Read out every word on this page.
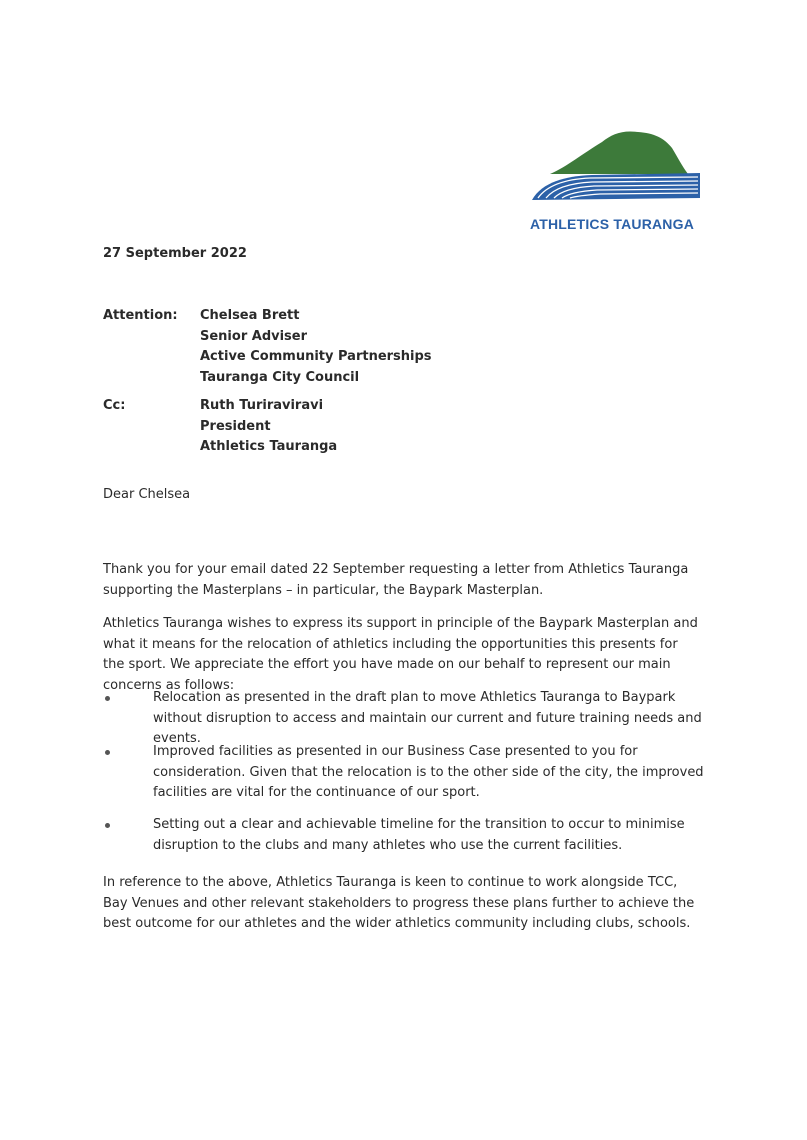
ATHLETICS TAURANGA
27 September 2022
Attention: Chelsea Brett
Senior Adviser
Active Community Partnerships
Tauranga City Council
Cc:	Ruth Turiraviravi
President
Athletics Tauranga
Dear Chelsea
Thank you for your email dated 22 September requesting a letter from Athletics Tauranga supporting the Masterplans – in particular, the Baypark Masterplan.
Athletics Tauranga wishes to express its support in principle of the Baypark Masterplan and what it means for the relocation of athletics including the opportunities this presents for the sport. We appreciate the effort you have made on our behalf to represent our main concerns as follows:
Relocation as presented in the draft plan to move Athletics Tauranga to Baypark without disruption to access and maintain our current and future training needs and events.
Improved facilities as presented in our Business Case presented to you for consideration. Given that the relocation is to the other side of the city, the improved facilities are vital for the continuance of our sport.
Setting out a clear and achievable timeline for the transition to occur to minimise disruption to the clubs and many athletes who use the current facilities.
In reference to the above, Athletics Tauranga is keen to continue to work alongside TCC, Bay Venues and other relevant stakeholders to progress these plans further to achieve the best outcome for our athletes and the wider athletics community including clubs, schools.
